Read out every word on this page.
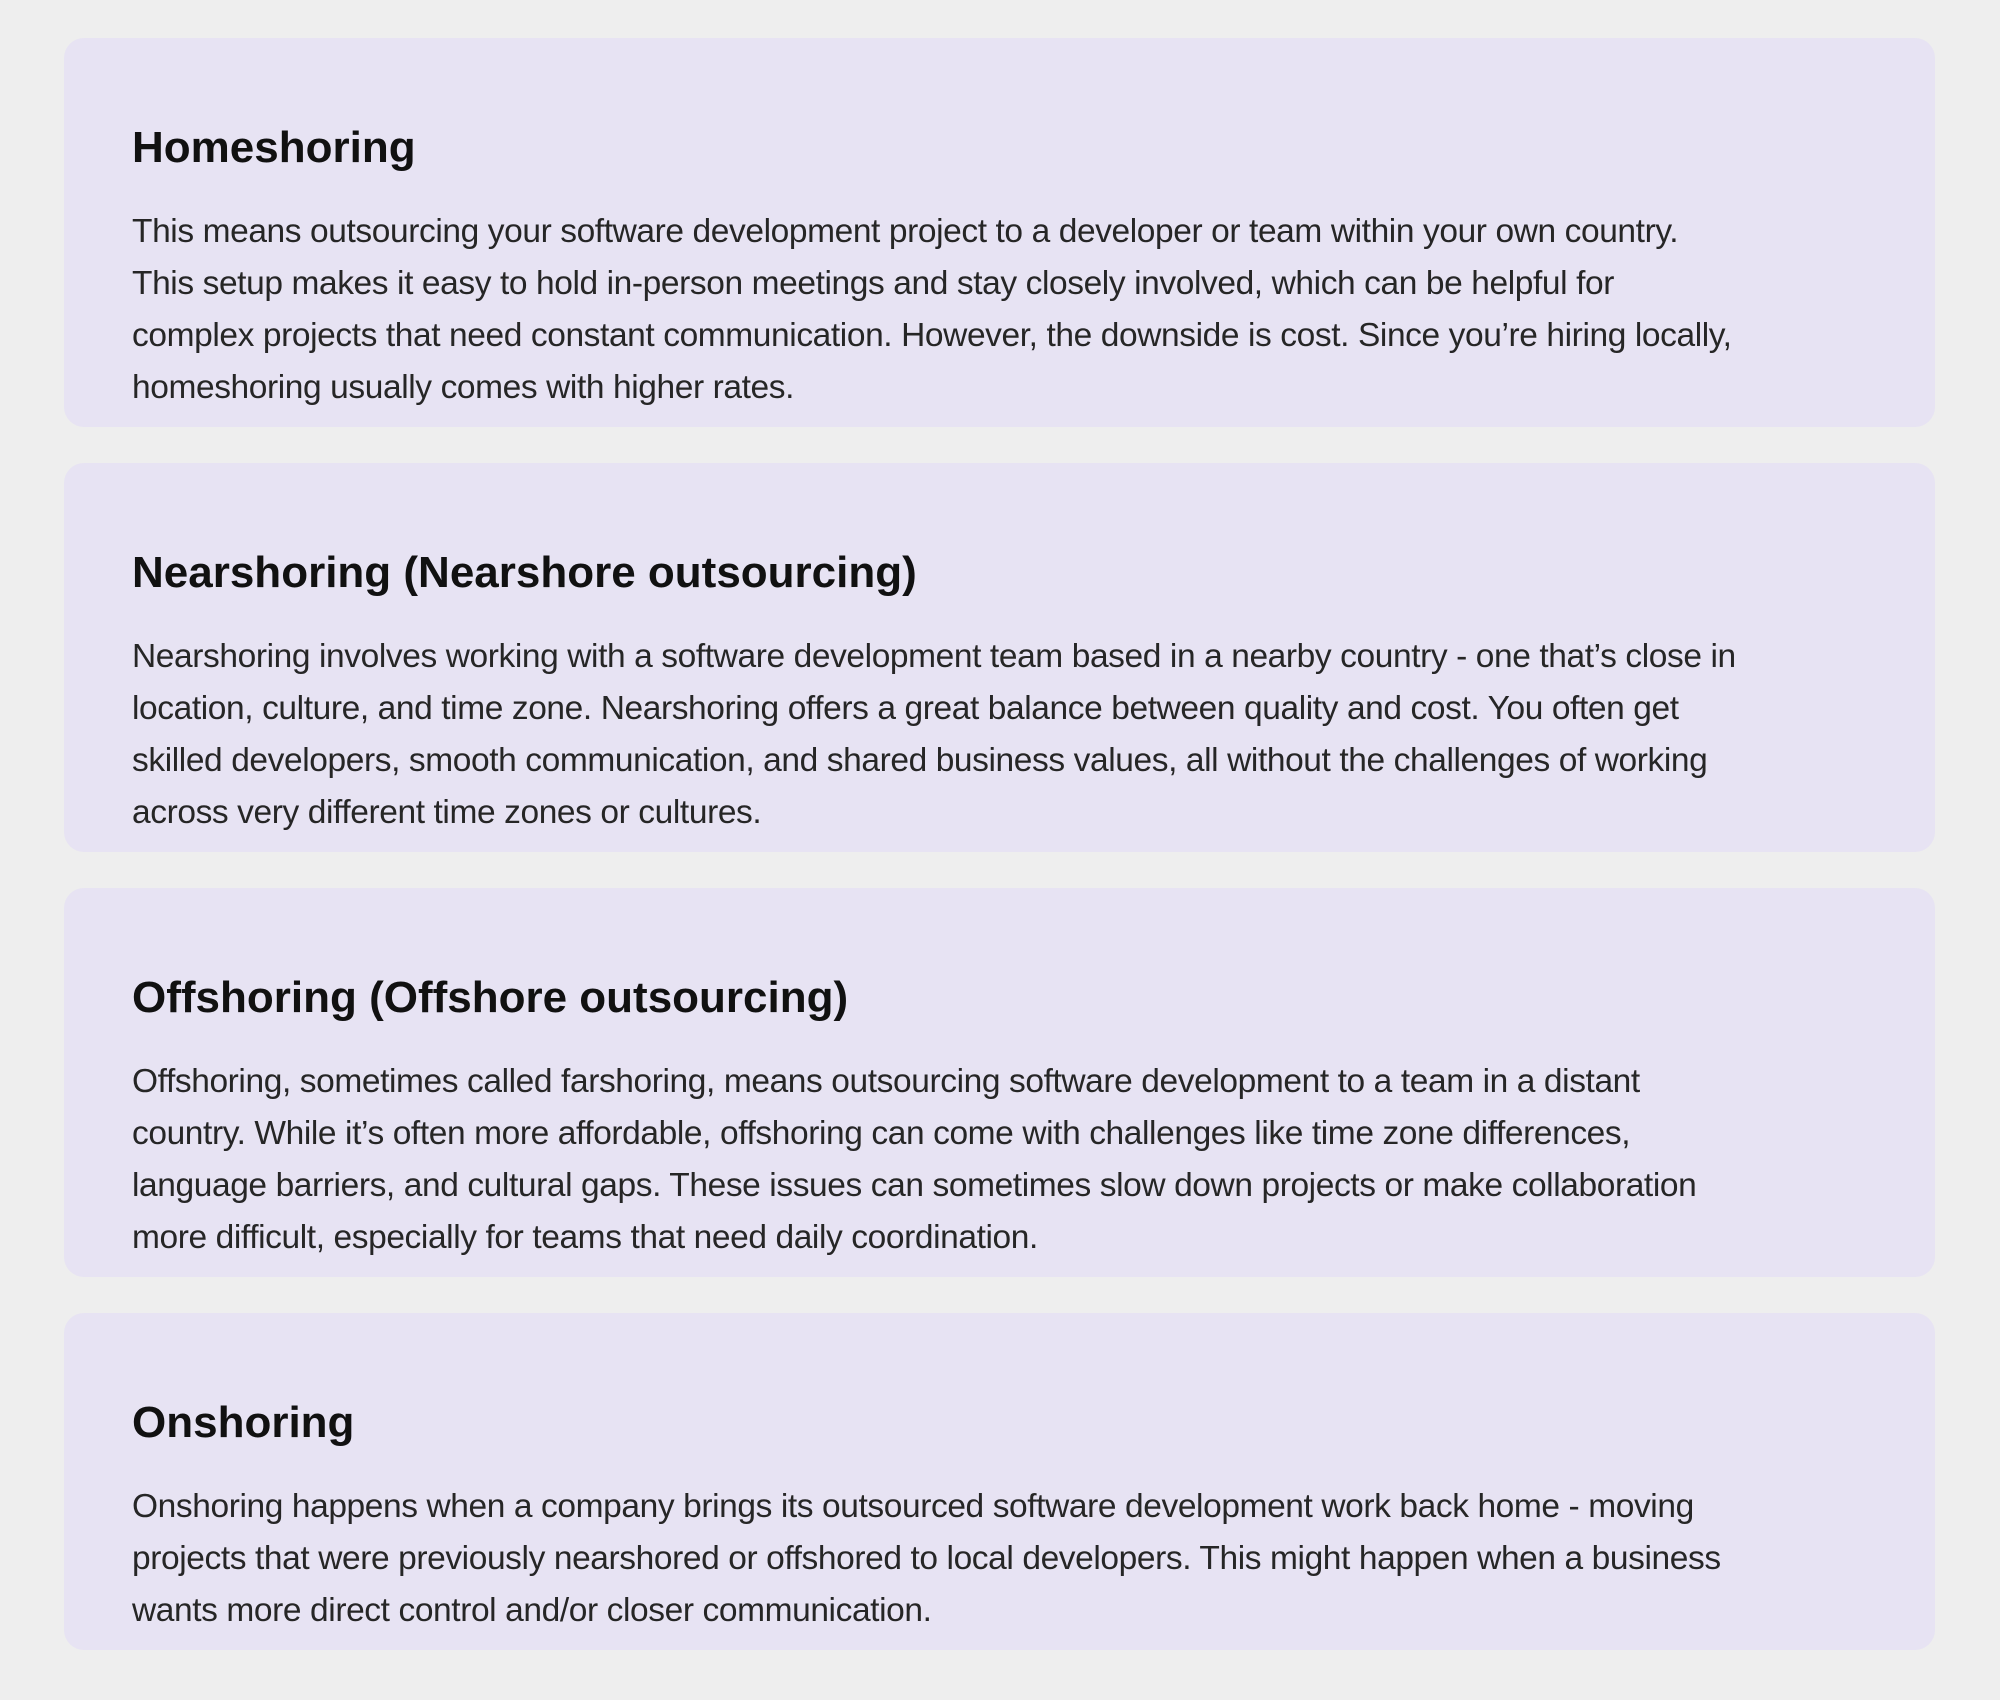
Homeshoring

This means outsourcing your software development project to a developer or team within your own country.
This setup makes it easy to hold in-person meetings and stay closely involved, which can be helpful for
complex projects that need constant communication. However, the downside is cost. Since you’re hiring locally,
homeshoring usually comes with higher rates.

Nearshoring (Nearshore outsourcing)

Nearshoring involves working with a software development team based in a nearby country - one that’s close in
location, culture, and time zone. Nearshoring offers a great balance between quality and cost. You often get
skilled developers, smooth communication, and shared business values, all without the challenges of working
across very different time zones or cultures.

Offshoring (Offshore outsourcing)

Offshoring, sometimes called farshoring, means outsourcing software development to a team in a distant
country. While it’s often more affordable, offshoring can come with challenges like time zone differences,
language barriers, and cultural gaps. These issues can sometimes slow down projects or make collaboration
more difficult, especially for teams that need daily coordination.

Onshoring

Onshoring happens when a company brings its outsourced software development work back home - moving
projects that were previously nearshored or offshored to local developers. This might happen when a business
wants more direct control and/or closer communication.
